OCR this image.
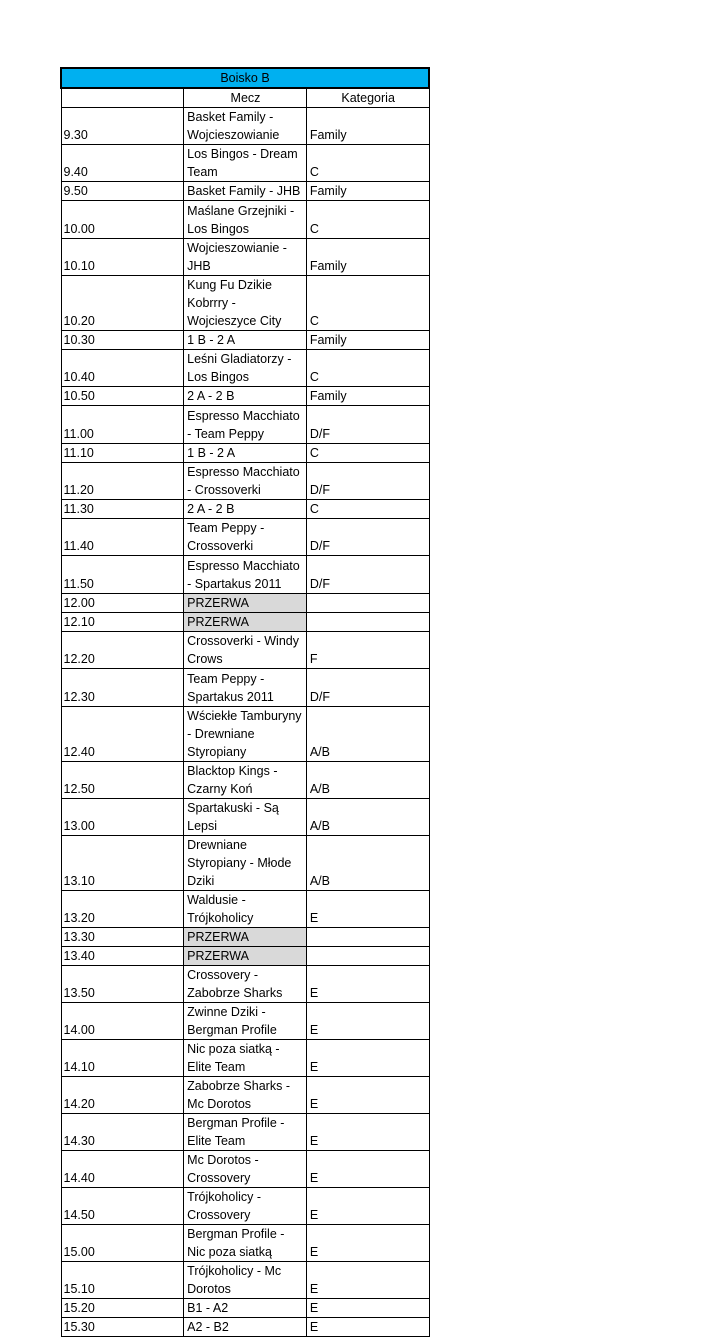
Boisko B		
	Mecz	Kategoria
9.30	Basket Family - Wojcieszowianie	Family
9.40	Los Bingos - Dream Team	C
9.50	Basket Family - JHB	Family
10.00	Maślane Grzejniki - Los Bingos	C
10.10	Wojcieszowianie - JHB	Family
10.20	Kung Fu Dzikie Kobrrry - Wojcieszyce City	C
10.30	1 B - 2 A	Family
10.40	Leśni Gladiatorzy - Los Bingos	C
10.50	2 A - 2 B	Family
11.00	Espresso Macchiato - Team Peppy	D/F
11.10	1 B - 2 A	C
11.20	Espresso Macchiato - Crossoverki	D/F
11.30	2 A - 2 B	C
11.40	Team Peppy - Crossoverki	D/F
11.50	Espresso Macchiato - Spartakus 2011	D/F
12.00	PRZERWA	
12.10	PRZERWA	
12.20	Crossoverki - Windy Crows	F
12.30	Team Peppy - Spartakus 2011	D/F
12.40	Wściekłe Tamburyny - Drewniane Styropiany	A/B
12.50	Blacktop Kings - Czarny Koń	A/B
13.00	Spartakuski - Są Lepsi	A/B
13.10	Drewniane Styropiany - Młode Dziki	A/B
13.20	Waldusie - Trójkoholicy	E
13.30	PRZERWA	
13.40	PRZERWA	
13.50	Crossovery - Zabobrze Sharks	E
14.00	Zwinne Dziki - Bergman Profile	E
14.10	Nic poza siatką - Elite Team	E
14.20	Zabobrze Sharks - Mc Dorotos	E
14.30	Bergman Profile - Elite Team	E
14.40	Mc Dorotos - Crossovery	E
14.50	Trójkoholicy - Crossovery	E
15.00	Bergman Profile - Nic poza siatką	E
15.10	Trójkoholicy - Mc Dorotos	E
15.20	B1 - A2	E
15.30	A2 - B2	E
